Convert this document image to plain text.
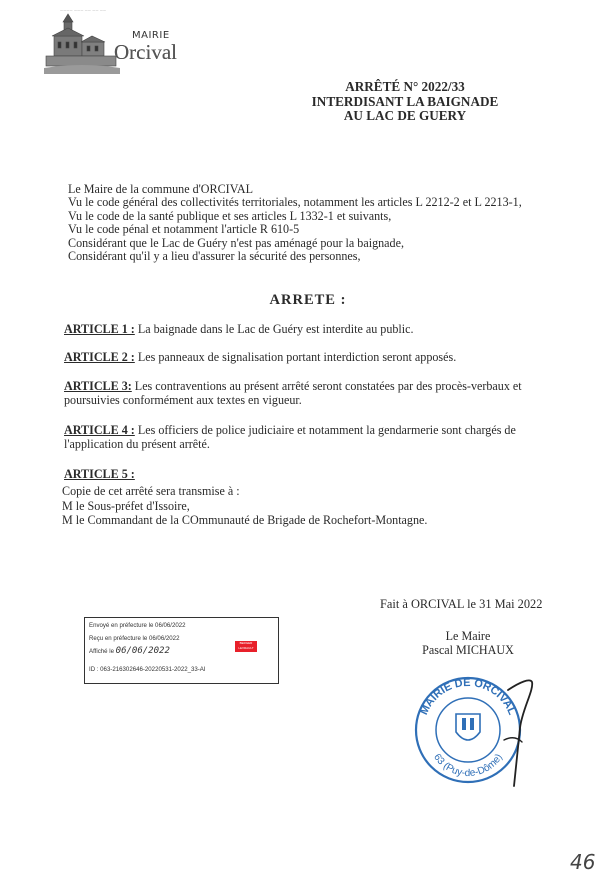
———— ——— —— —— ——
MAIRIE
Orcival
ARRÊTÉ N° 2022/33
INTERDISANT LA BAIGNADE
AU LAC DE GUERY
Le Maire de la commune d'ORCIVAL
Vu le code général des collectivités territoriales, notamment les articles L 2212-2 et L 2213-1,
Vu le code de la santé publique et ses articles L 1332-1 et suivants,
Vu le code pénal et notamment l'article R 610-5
Considérant que le Lac de Guéry n'est pas aménagé pour la baignade,
Considérant qu'il y a lieu d'assurer la sécurité des personnes,
ARRETE :
ARTICLE 1 : La baignade dans le Lac de Guéry est interdite au public.
ARTICLE 2 : Les panneaux de signalisation portant interdiction seront apposés.
ARTICLE 3: Les contraventions au présent arrêté seront constatées par des procès-verbaux et poursuivies conformément aux textes en vigueur.
ARTICLE 4 : Les officiers de police judiciaire et notamment la gendarmerie sont chargés de l'application du présent arrêté.
ARTICLE 5 :
Copie de cet arrêté sera transmise à :
M le Sous-préfet d'Issoire,
M le Commandant de la COmmunauté de Brigade de Rochefort-Montagne.
Envoyé en préfecture le 06/06/2022
Reçu en préfecture le 06/06/2022
Affiché le 06/06/2022
ID : 063-216302646-20220531-2022_33-AI
BERGER LEVRAULT
Fait à ORCIVAL le 31 Mai 2022
Le Maire
Pascal MICHAUX
MAIRIE DE ORCIVAL
63 (Puy-de-Dôme)
46
